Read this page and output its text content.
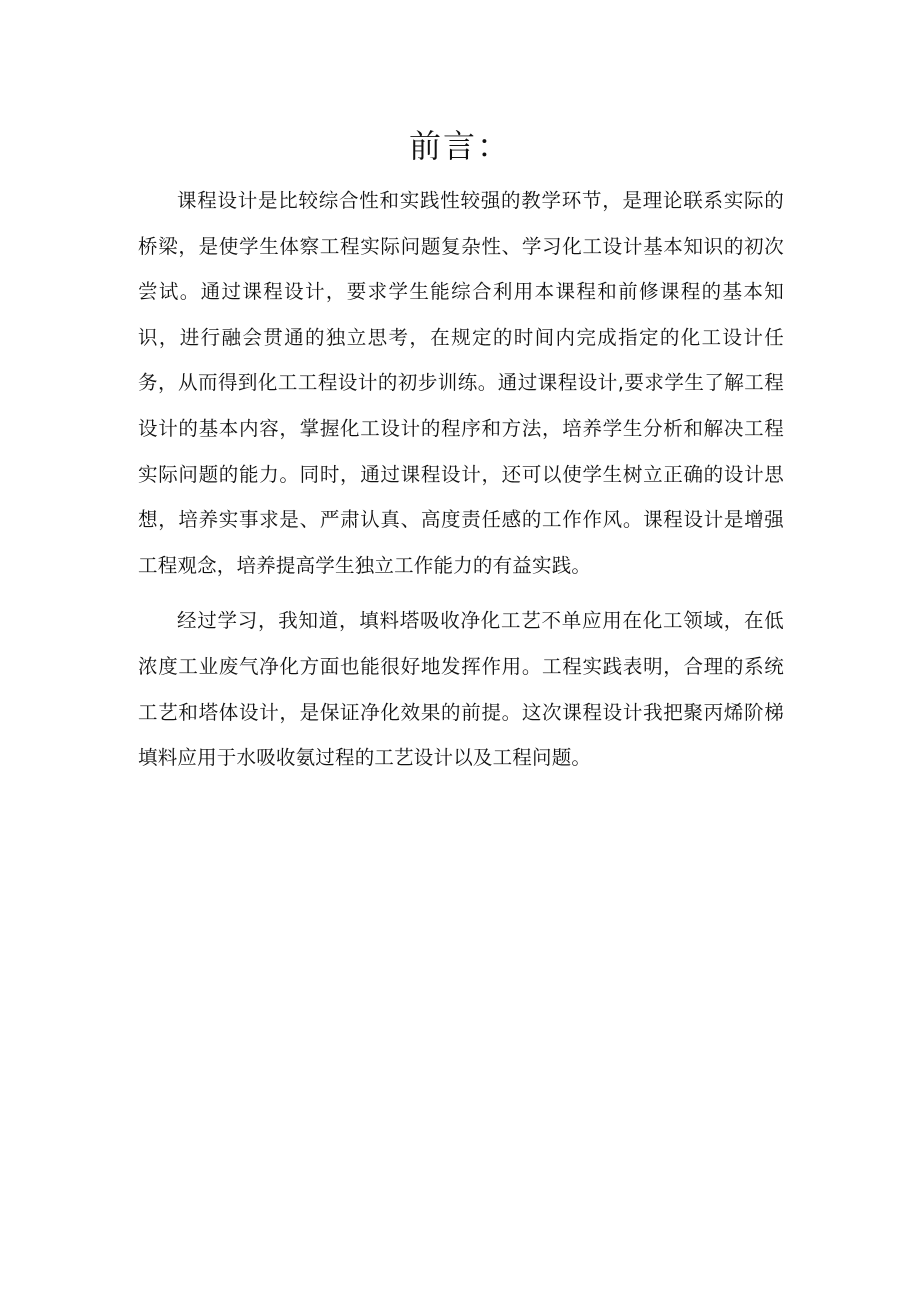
前言：

课程设计是比较综合性和实践性较强的教学环节，是理论联系实际的桥梁，是使学生体察工程实际问题复杂性、学习化工设计基本知识的初次尝试。通过课程设计，要求学生能综合利用本课程和前修课程的基本知识，进行融会贯通的独立思考，在规定的时间内完成指定的化工设计任务，从而得到化工工程设计的初步训练。通过课程设计,要求学生了解工程设计的基本内容，掌握化工设计的程序和方法，培养学生分析和解决工程实际问题的能力。同时，通过课程设计，还可以使学生树立正确的设计思想，培养实事求是、严肃认真、高度责任感的工作作风。课程设计是增强工程观念，培养提高学生独立工作能力的有益实践。

经过学习，我知道，填料塔吸收净化工艺不单应用在化工领域，在低浓度工业废气净化方面也能很好地发挥作用。工程实践表明，合理的系统工艺和塔体设计，是保证净化效果的前提。这次课程设计我把聚丙烯阶梯填料应用于水吸收氨过程的工艺设计以及工程问题。
